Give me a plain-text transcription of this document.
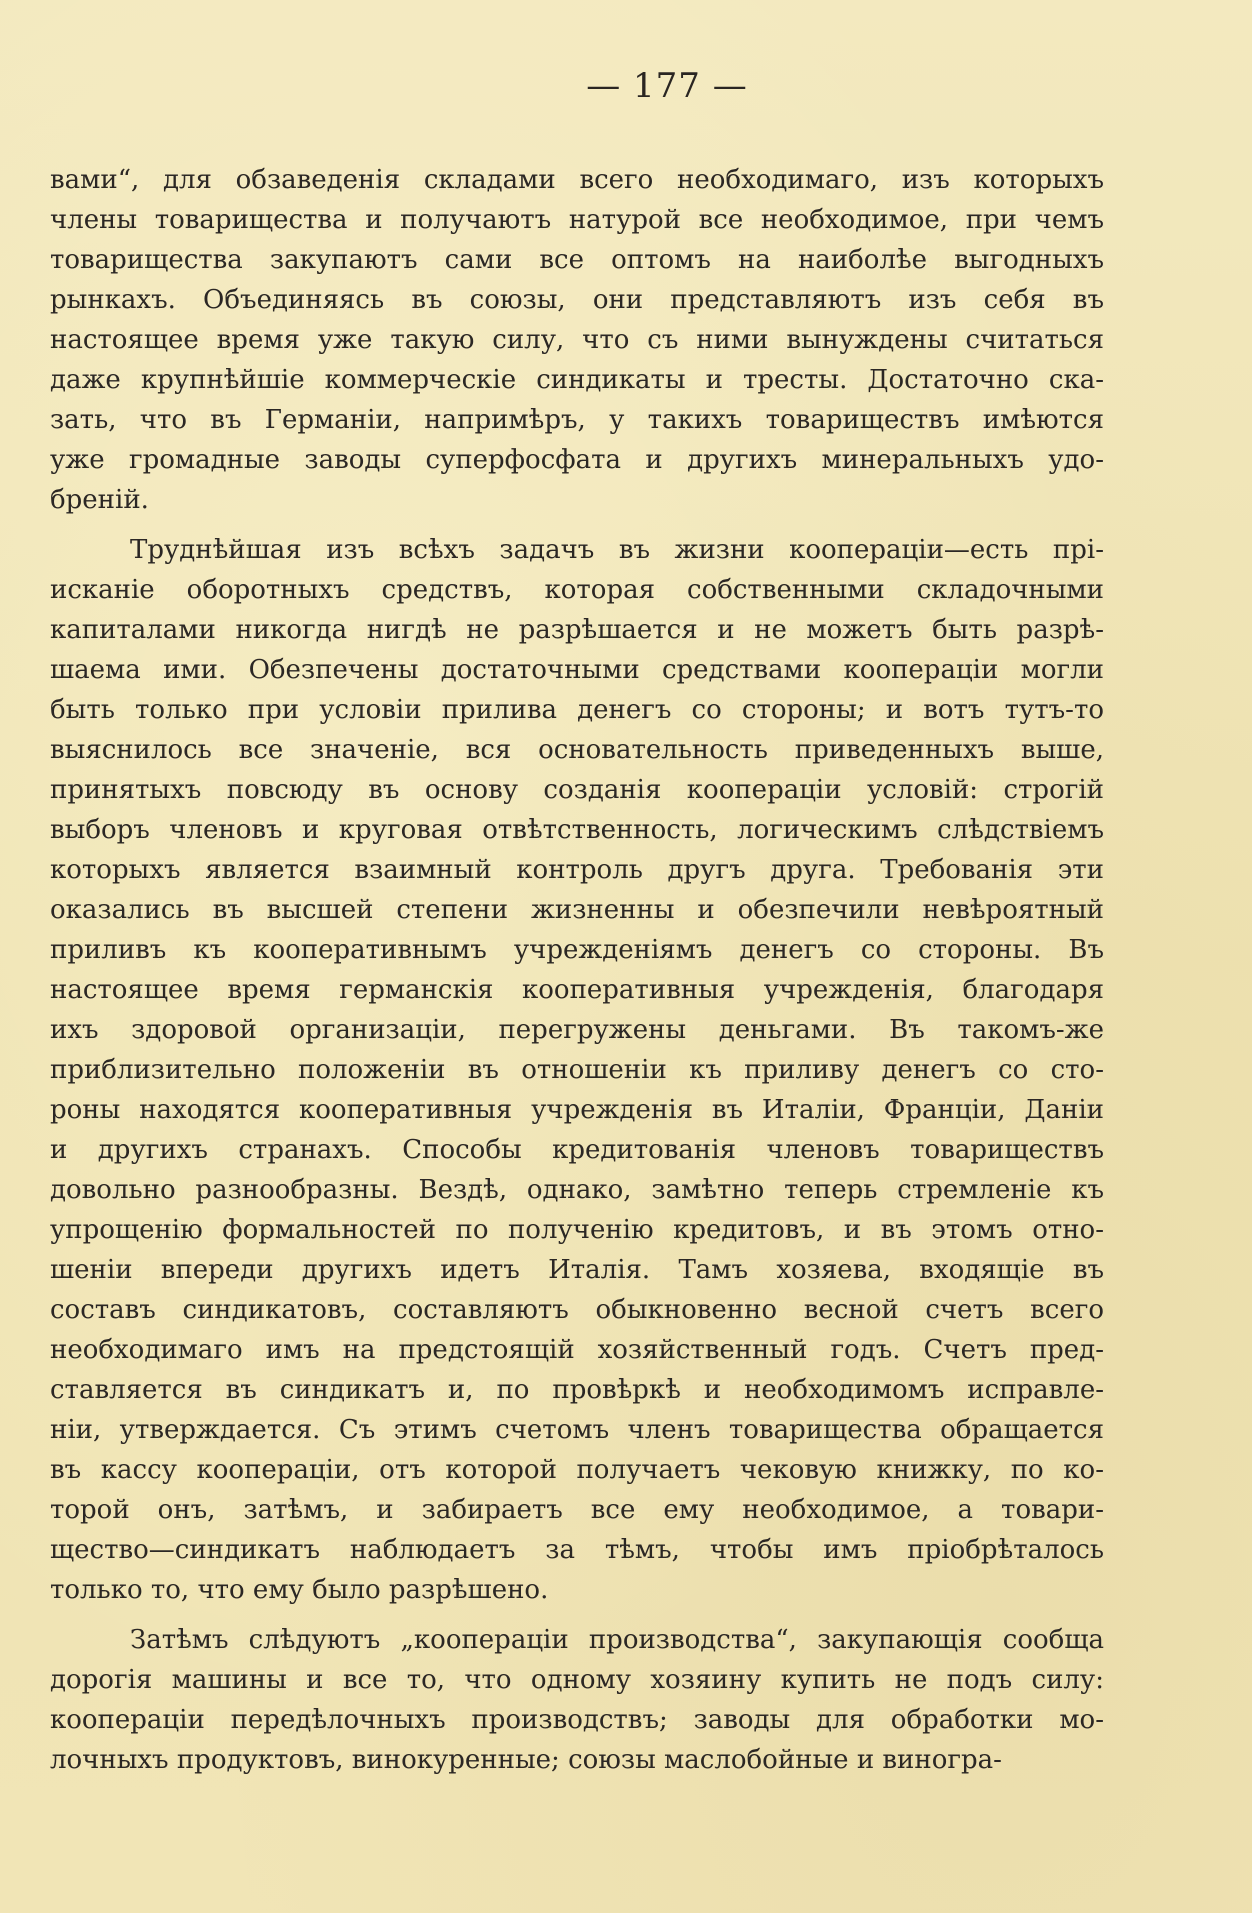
— 177 —
вами“, для обзаведенія складами всего необходимаго, изъ которыхъ
члены товарищества и получаютъ натурой все необходимое, при чемъ
товарищества закупаютъ сами все оптомъ на наиболѣе выгодныхъ
рынкахъ. Объединяясь въ союзы, они представляютъ изъ себя въ
настоящее время уже такую силу, что съ ними вынуждены считаться
даже крупнѣйшіе коммерческіе синдикаты и тресты. Достаточно ска-
зать, что въ Германіи, напримѣръ, у такихъ товариществъ имѣются
уже громадные заводы суперфосфата и другихъ минеральныхъ удо-
бреній.
Труднѣйшая изъ всѣхъ задачъ въ жизни коопераціи—есть прі-
исканіе оборотныхъ средствъ, которая собственными складочными
капиталами никогда нигдѣ не разрѣшается и не можетъ быть разрѣ-
шаема ими. Обезпечены достаточными средствами коопераціи могли
быть только при условіи прилива денегъ со стороны; и вотъ тутъ-то
выяснилось все значеніе, вся основательность приведенныхъ выше,
принятыхъ повсюду въ основу созданія коопераціи условій: строгій
выборъ членовъ и круговая отвѣтственность, логическимъ слѣдствіемъ
которыхъ является взаимный контроль другъ друга. Требованія эти
оказались въ высшей степени жизненны и обезпечили невѣроятный
приливъ къ кооперативнымъ учрежденіямъ денегъ со стороны. Въ
настоящее время германскія кооперативныя учрежденія, благодаря
ихъ здоровой организаціи, перегружены деньгами. Въ такомъ-же
приблизительно положеніи въ отношеніи къ приливу денегъ со сто-
роны находятся кооперативныя учрежденія въ Италіи, Франціи, Даніи
и другихъ странахъ. Способы кредитованія членовъ товариществъ
довольно разнообразны. Вездѣ, однако, замѣтно теперь стремленіе къ
упрощенію формальностей по полученію кредитовъ, и въ этомъ отно-
шеніи впереди другихъ идетъ Италія. Тамъ хозяева, входящіе въ
составъ синдикатовъ, составляютъ обыкновенно весной счетъ всего
необходимаго имъ на предстоящій хозяйственный годъ. Счетъ пред-
ставляется въ синдикатъ и, по провѣркѣ и необходимомъ исправле-
ніи, утверждается. Съ этимъ счетомъ членъ товарищества обращается
въ кассу коопераціи, отъ которой получаетъ чековую книжку, по ко-
торой онъ, затѣмъ, и забираетъ все ему необходимое, а товари-
щество—синдикатъ наблюдаетъ за тѣмъ, чтобы имъ пріобрѣталось
только то, что ему было разрѣшено.
Затѣмъ слѣдуютъ „коопераціи производства“, закупающія сообща
дорогія машины и все то, что одному хозяину купить не подъ силу:
коопераціи передѣлочныхъ производствъ; заводы для обработки мо-
лочныхъ продуктовъ, винокуренные; союзы маслобойные и виногра-
